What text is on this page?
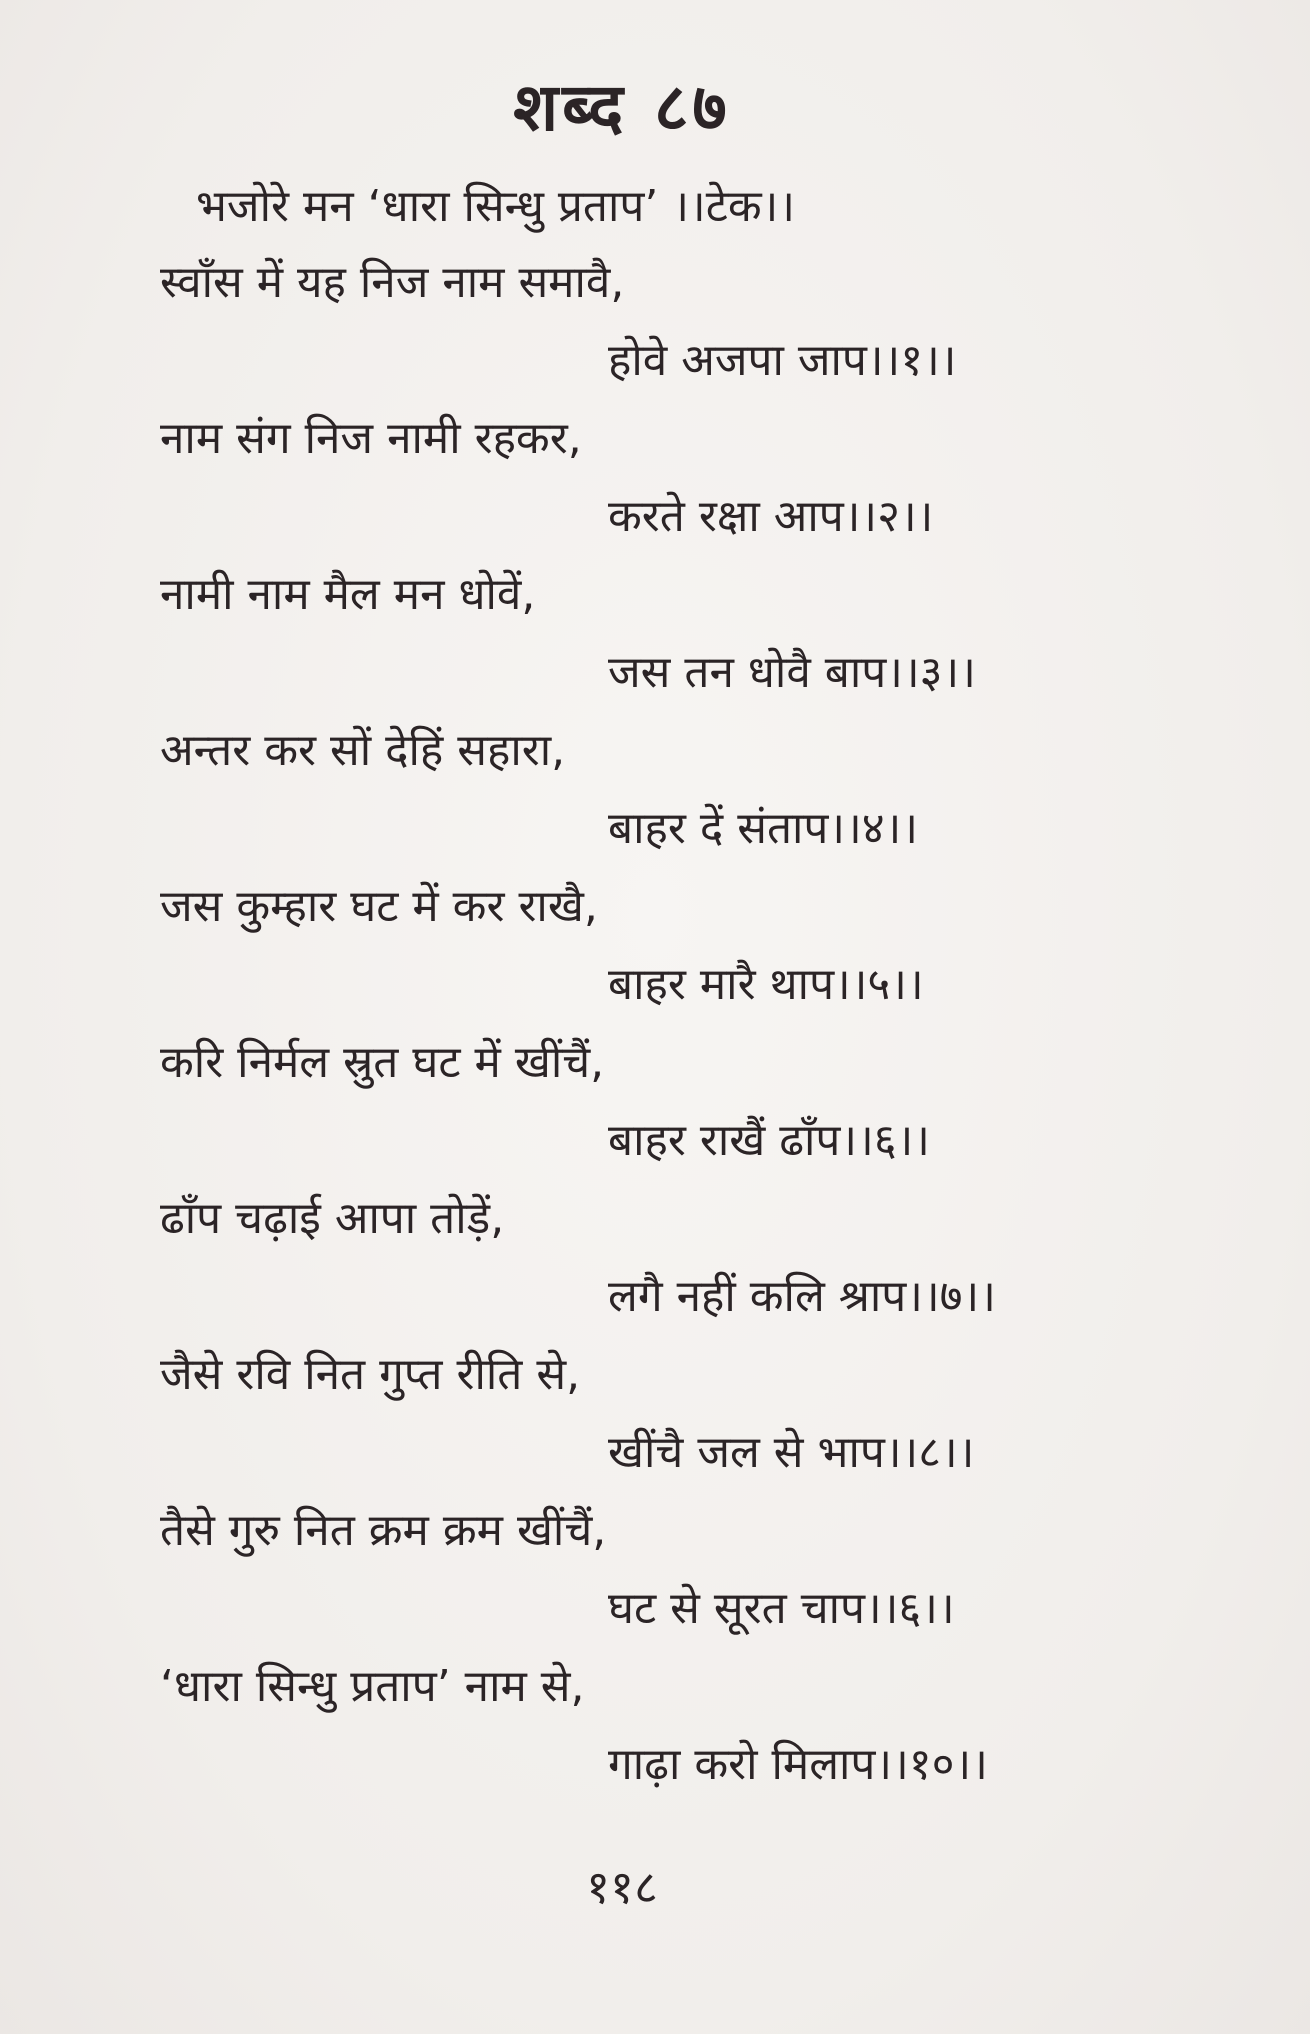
शब्द ८७
भजोरे मन ‘धारा सिन्धु प्रताप’ ।।टेक।।
स्वाँस में यह निज नाम समावै,
होवे अजपा जाप।।१।।
नाम संग निज नामी रहकर,
करते रक्षा आप।।२।।
नामी नाम मैल मन धोवें,
जस तन धोवै बाप।।३।।
अन्तर कर सों देहिं सहारा,
बाहर दें संताप।।४।।
जस कुम्हार घट में कर राखै,
बाहर मारै थाप।।५।।
करि निर्मल स्रुत घट में खींचैं,
बाहर राखैं ढाँप।।६।।
ढाँप चढ़ाई आपा तोड़ें,
लगै नहीं कलि श्राप।।७।।
जैसे रवि नित गुप्त रीति से,
खींचै जल से भाप।।८।।
तैसे गुरु नित क्रम क्रम खींचैं,
घट से सूरत चाप।।६।।
‘धारा सिन्धु प्रताप’ नाम से,
गाढ़ा करो मिलाप।।१०।।
११८
